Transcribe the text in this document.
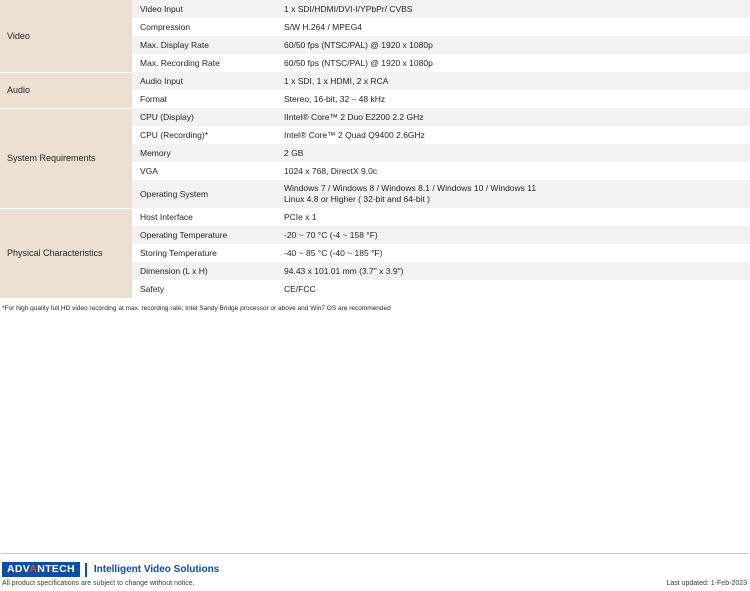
Video	Video Input	1 x SDI/HDMI/DVI-I/YPbPr/ CVBS
	Compression	S/W H.264 / MPEG4
	Max. Display Rate	60/50 fps (NTSC/PAL) @ 1920 x 1080p
	Max. Recording Rate	60/50 fps (NTSC/PAL) @ 1920 x 1080p
Audio	Audio Input	1 x SDI, 1 x HDMI, 2 x RCA
	Format	Stereo, 16-bit, 32 – 48 kHz
System Requirements	CPU (Display)	IIntel® Core™ 2 Duo E2200 2.2 GHz
	CPU (Recording)*	Intel® Core™ 2 Quad Q9400 2.6GHz
	Memory	2 GB
	VGA	1024 x 768, DirectX 9.0c
	Operating System	Windows 7 / Windows 8 / Windows 8.1 / Windows 10 / Windows 11
Linux 4.8 or Higher ( 32-bit and 64-bit )

Physical Characteristics	Host Interface	PCIe x 1
	Operating Temperature	-20 ~ 70 °C (-4 ~ 158 °F)
	Storing Temperature	-40 ~ 85 °C (-40 ~ 185 °F)
	Dimension (L x H)	94.43 x 101.01 mm (3.7" x 3.9")
	Safety	CE/FCC
*For high quality full HD video recording at max. recording rate, Intel Sandy Bridge processor or above and Win7 OS are recommended
ADVANTECH	Intelligent Video Solutions
All product specifications are subject to change without notice.	Last updated: 1-Feb-2023
